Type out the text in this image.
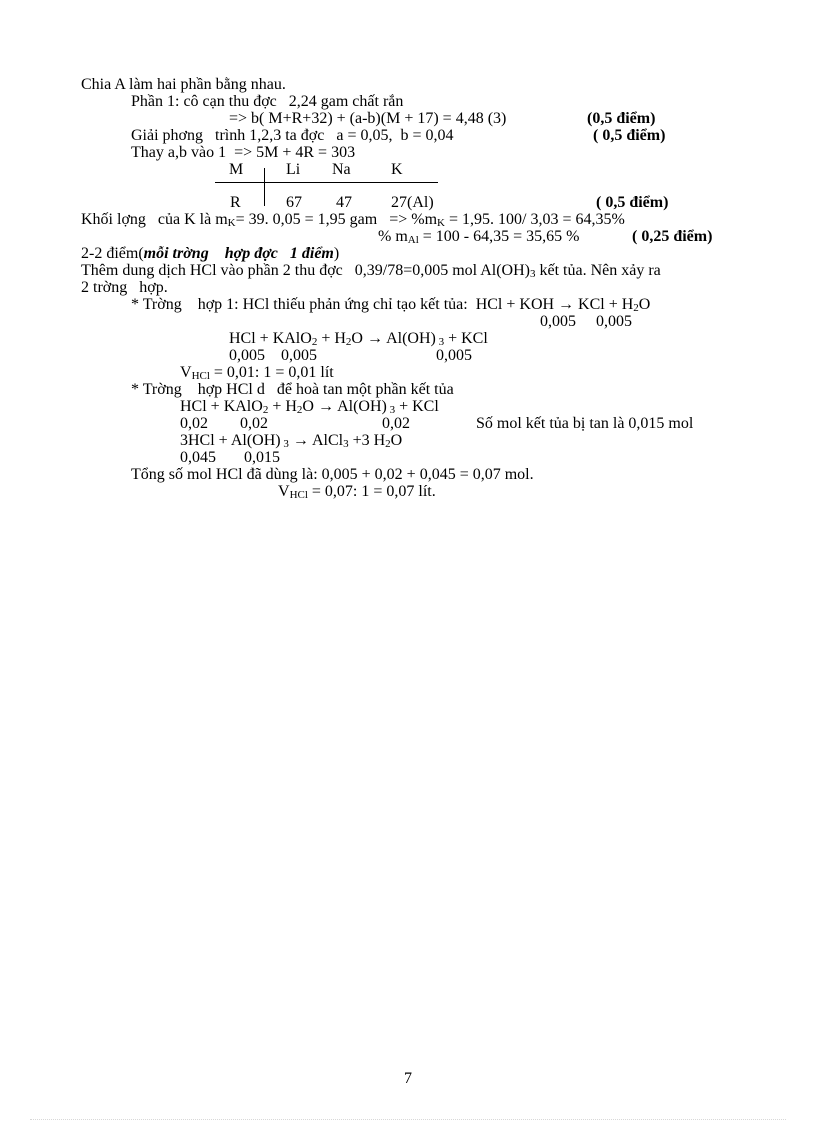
Chia A làm hai phần bằng nhau.
Phần 1: cô cạn thu đợc   2,24 gam chất rắn
=> b( M+R+32) + (a-b)(M + 17) = 4,48 (3)	(0,5 điểm)
Giải phơng   trình 1,2,3 ta đợc   a = 0,05,  b = 0,04	( 0,5 điểm)
Thay a,b vào 1  => 5M + 4R = 303
M	Li Na	K
R	67 47 27(Al)	( 0,5 điểm)
Khối lợng   của K là $m_K= 39$. 0,05 = 1,95 gam   => $\%m_K = 1,95$. 100/ 3,03 = 64,35%
% $m_{Al} = 100 - 64,35 = 35,65$ %	( 0,25 điểm)
2-2 điểm(mỗi trờng    hợp đợc   1 điểm)
Thêm dung dịch HCl vào phần 2 thu đợc   0,39/78=0,005 mol $Al(OH)_3$ kết tủa. Nên xảy ra
2 trờng   hợp.
* Trờng    hợp 1: HCl thiếu phản ứng chỉ tạo kết tủa:  HCl + KOH → KCl + $H_2O$
0,005     0,005
HCl + KAlO$_2$ + $H_2O \to Al(OH) _3$ + KCl
0,005    0,005	0,005
$V_{HCl} = 0,01$: 1 = 0,01 lít
* Trờng    hợp HCl d   để hoà tan một phần kết tủa
HCl + KAlO$_2$ + $H_2O \to Al(OH) _3$ + KCl
0,02        0,02	0,02	Số mol kết tủa bị tan là 0,015 mol
3HCl + Al(OH) $_3$ → AlCl$_3$ +3 $H_2O$
0,045       0,015
Tổng số mol HCl đã dùng là: 0,005 + 0,02 + 0,045 = 0,07 mol.
$V_{HCl} = 0,07$: 1 = 0,07 lít.
7
